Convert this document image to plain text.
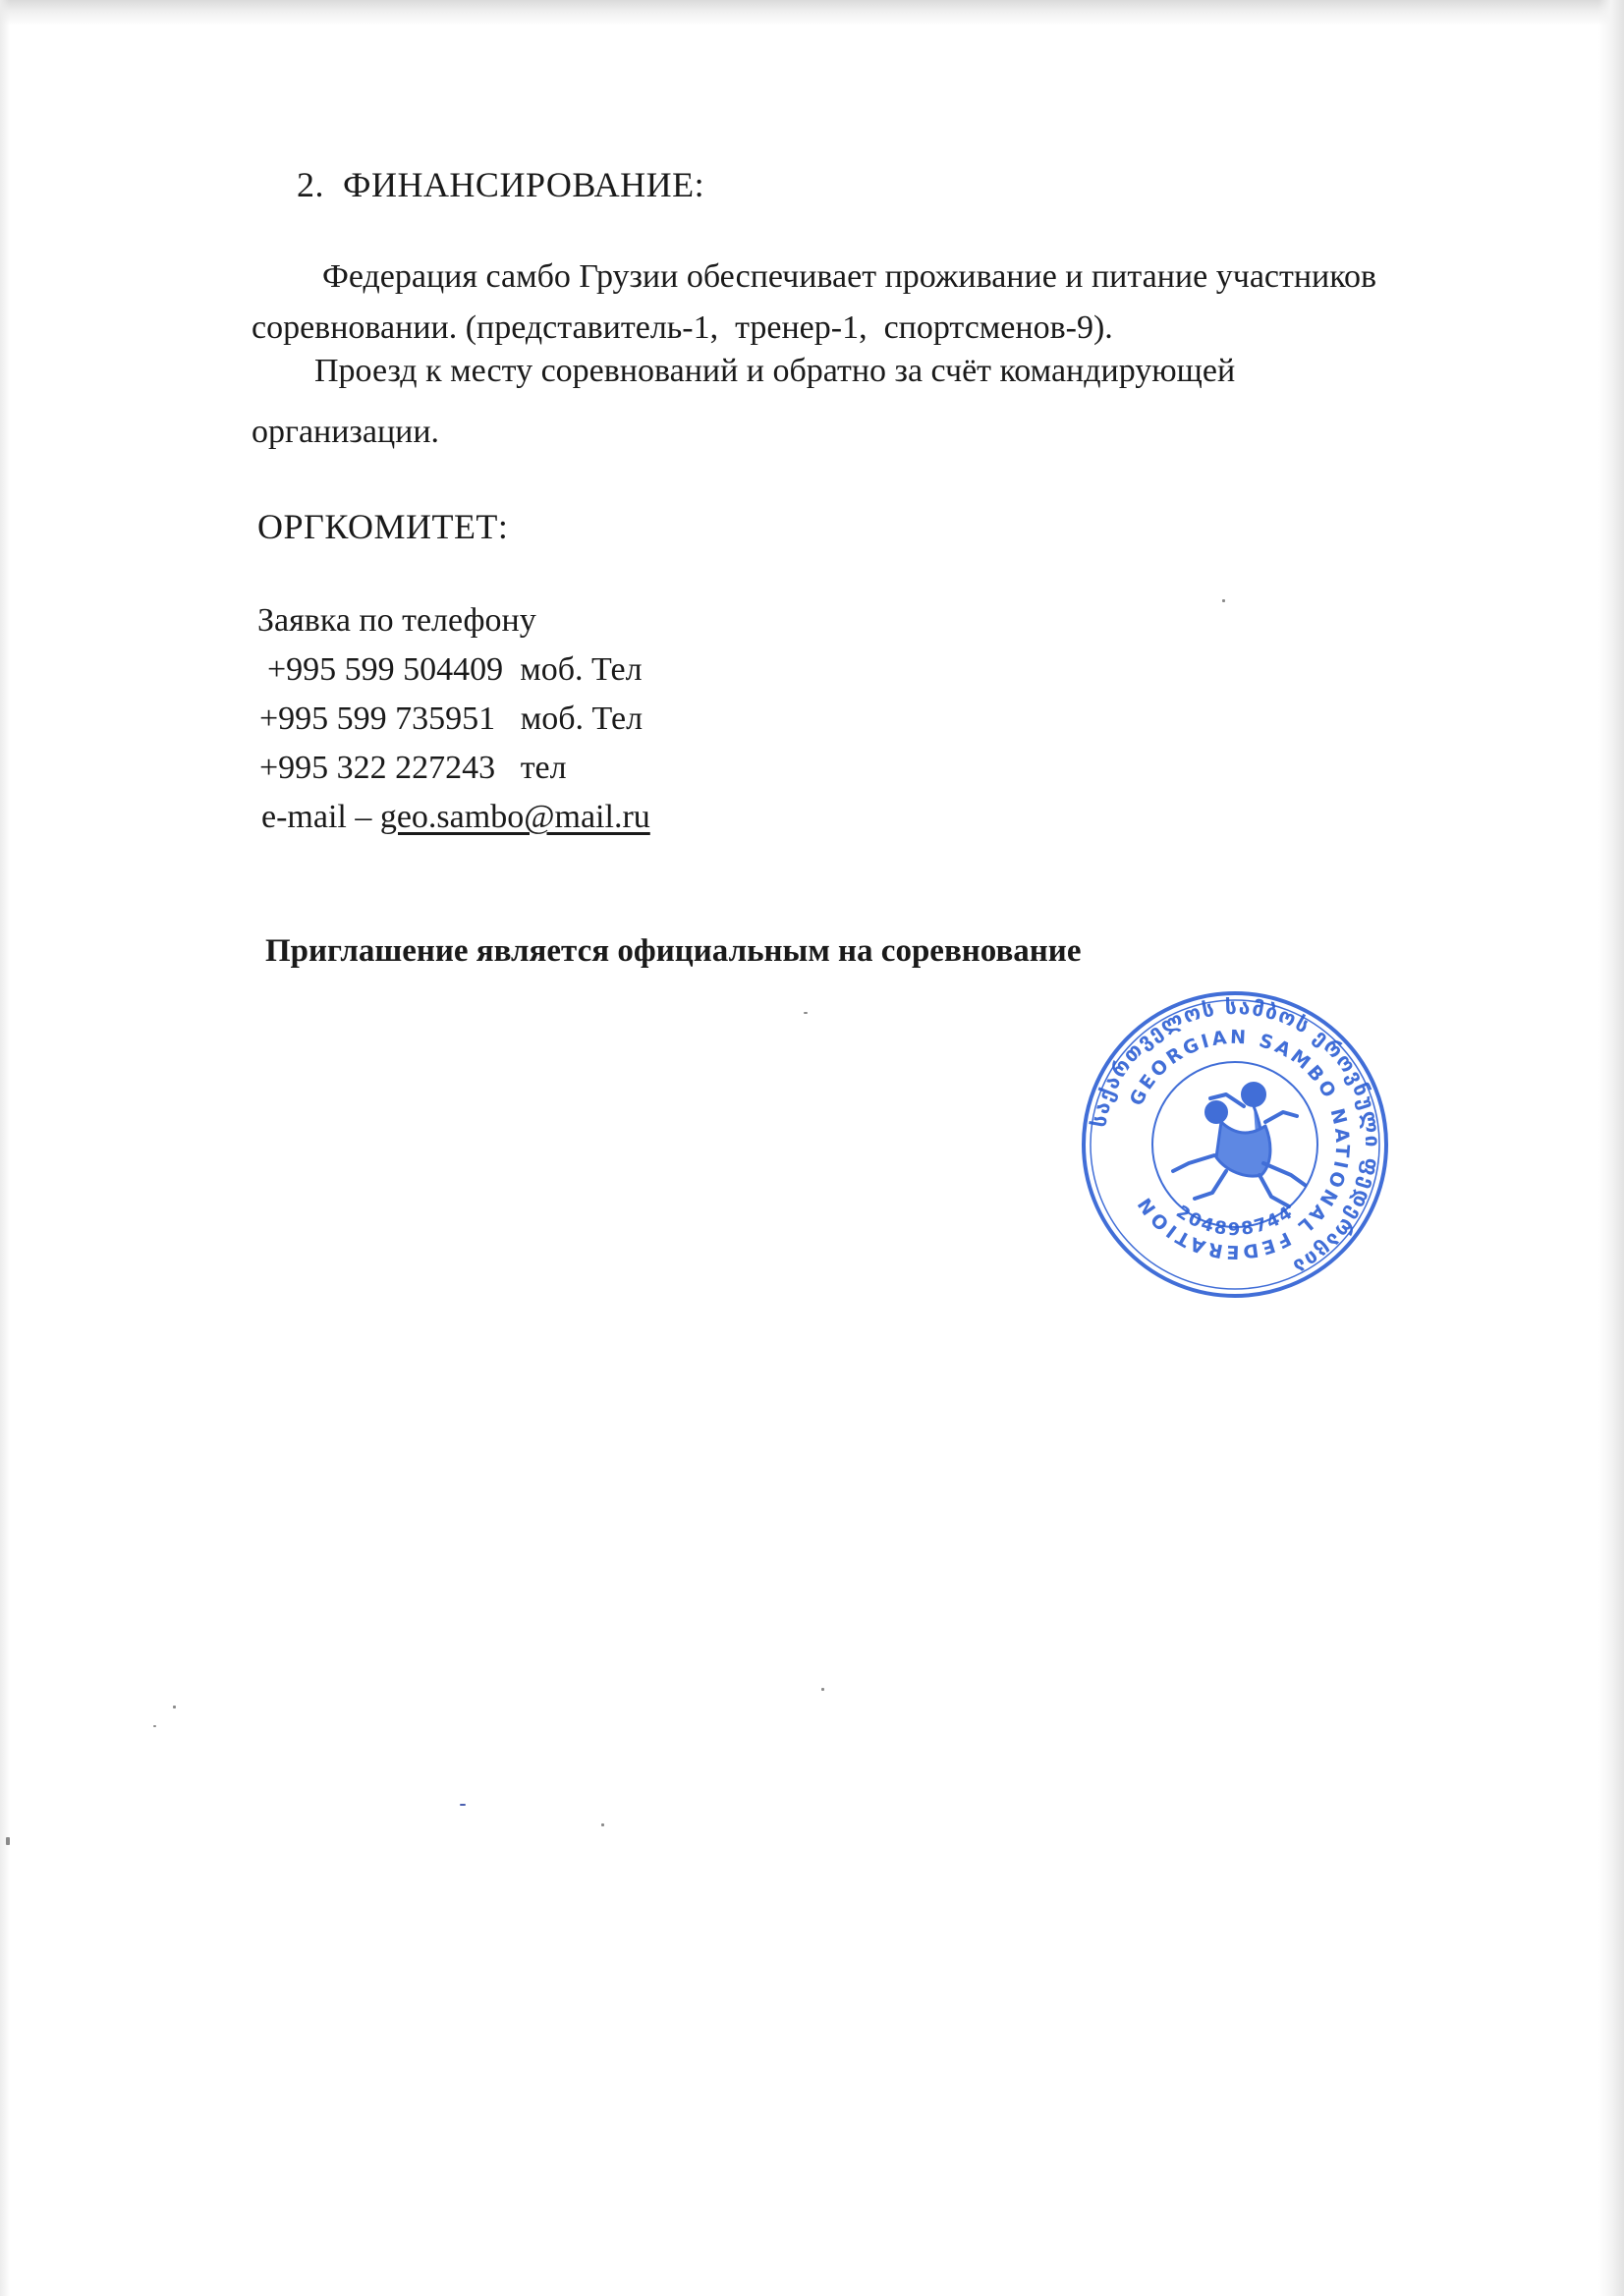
2. ФИНАНСИРОВАНИЕ:
Федерация самбо Грузии обеспечивает проживание и питание участников
соревновании. (представитель-1,  тренер-1,  спортсменов-9).
Проезд к месту соревнований и обратно за счёт командирующей
организации.
ОРГКОМИТЕТ:
Заявка по телефону
+995 599 504409 моб. Тел
+995 599 735951 моб. Тел
+995 322 227243 тел
e-mail – geo.sambo@mail.ru
Приглашение является официальным на соревнование
საქართველოს სამბოს ეროვნული ფედერაცია
GEORGIAN SAMBO NATIONAL FEDERATION 204898744
